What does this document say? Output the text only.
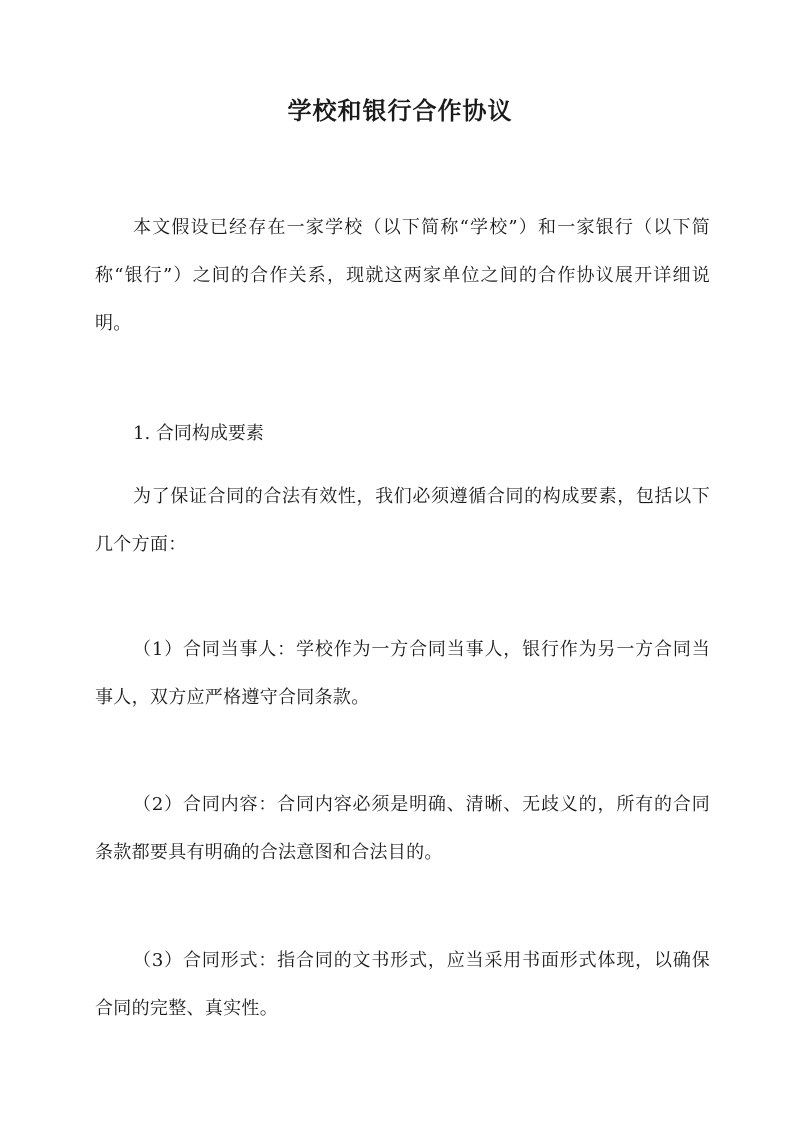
学校和银行合作协议

本文假设已经存在一家学校（以下简称“学校”）和一家银行（以下简称“银行”）之间的合作关系，现就这两家单位之间的合作协议展开详细说明。

1. 合同构成要素

为了保证合同的合法有效性，我们必须遵循合同的构成要素，包括以下几个方面：

（1）合同当事人：学校作为一方合同当事人，银行作为另一方合同当事人，双方应严格遵守合同条款。

（2）合同内容：合同内容必须是明确、清晰、无歧义的，所有的合同条款都要具有明确的合法意图和合法目的。

（3）合同形式：指合同的文书形式，应当采用书面形式体现，以确保合同的完整、真实性。
